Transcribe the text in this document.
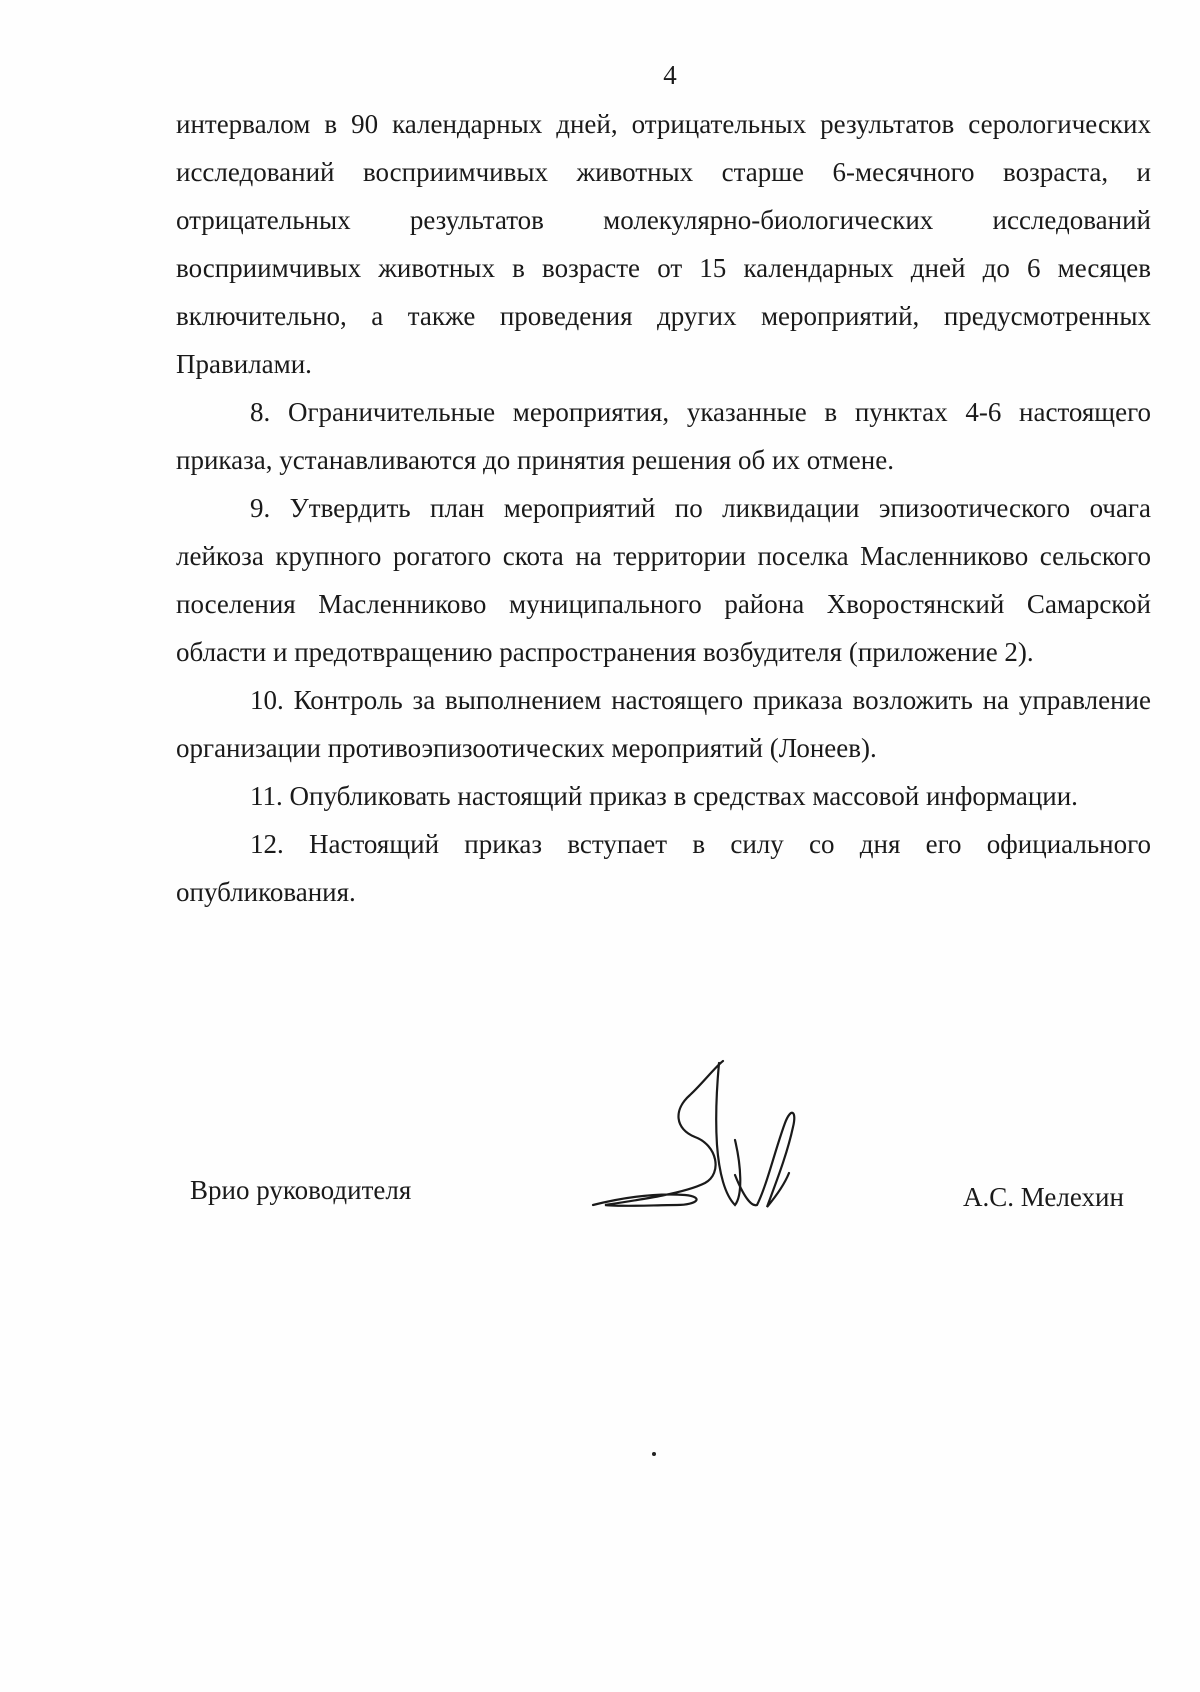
4

интервалом в 90 календарных дней, отрицательных результатов серологических исследований восприимчивых животных старше 6-месячного возраста, и отрицательных результатов молекулярно-биологических исследований восприимчивых животных в возрасте от 15 календарных дней до 6 месяцев включительно, а также проведения других мероприятий, предусмотренных Правилами.

8. Ограничительные мероприятия, указанные в пунктах 4-6 настоящего приказа, устанавливаются до принятия решения об их отмене.

9. Утвердить план мероприятий по ликвидации эпизоотического очага лейкоза крупного рогатого скота на территории поселка Масленниково сельского поселения Масленниково муниципального района Хворостянский Самарской области и предотвращению распространения возбудителя (приложение 2).

10. Контроль за выполнением настоящего приказа возложить на управление организации противоэпизоотических мероприятий (Лонеев).

11. Опубликовать настоящий приказ в средствах массовой информации.

12. Настоящий приказ вступает в силу со дня его официального опубликования.

Врио руководителя	А.С. Мелехин
